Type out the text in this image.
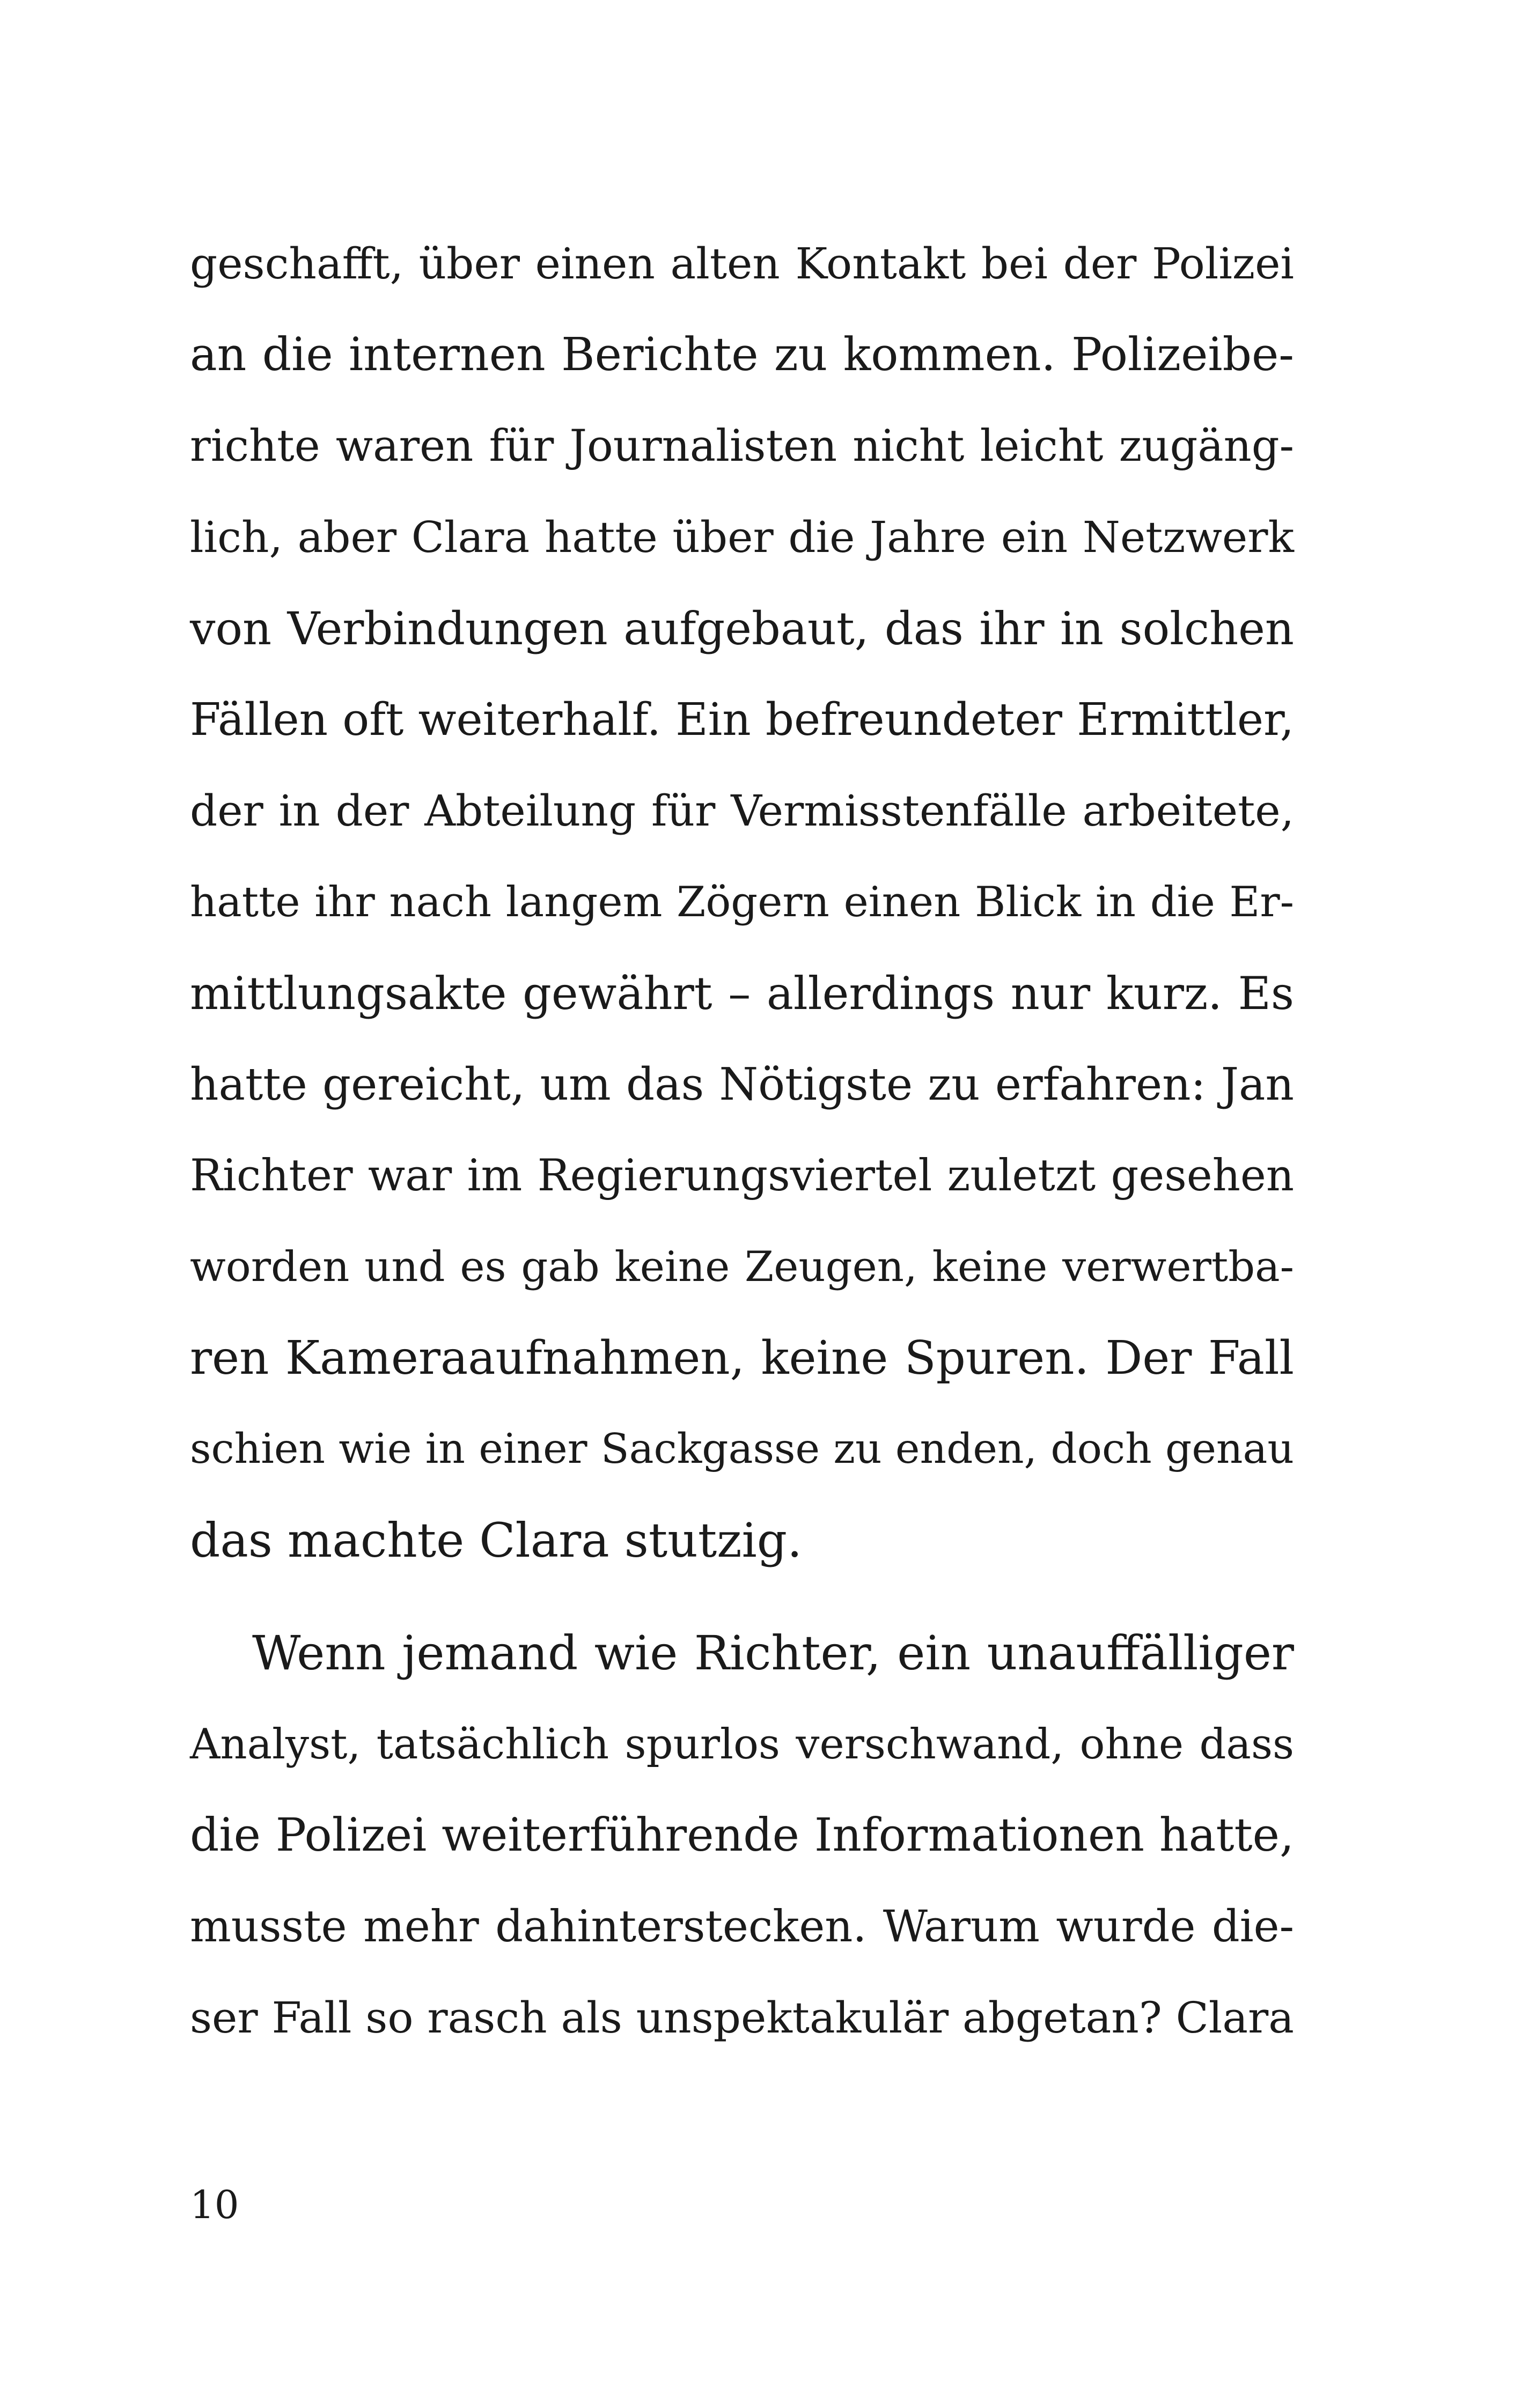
geschafft, über einen alten Kontakt bei der Polizei
an die internen Berichte zu kommen. Polizeibe-
richte waren für Journalisten nicht leicht zugäng-
lich, aber Clara hatte über die Jahre ein Netzwerk
von Verbindungen aufgebaut, das ihr in solchen
Fällen oft weiterhalf. Ein befreundeter Ermittler,
der in der Abteilung für Vermisstenfälle arbeitete,
hatte ihr nach langem Zögern einen Blick in die Er-
mittlungsakte gewährt – allerdings nur kurz. Es
hatte gereicht, um das Nötigste zu erfahren: Jan
Richter war im Regierungsviertel zuletzt gesehen
worden und es gab keine Zeugen, keine verwertba-
ren Kameraaufnahmen, keine Spuren. Der Fall
schien wie in einer Sackgasse zu enden, doch genau
das machte Clara stutzig.
Wenn jemand wie Richter, ein unauffälliger
Analyst, tatsächlich spurlos verschwand, ohne dass
die Polizei weiterführende Informationen hatte,
musste mehr dahinterstecken. Warum wurde die-
ser Fall so rasch als unspektakulär abgetan? Clara
10
